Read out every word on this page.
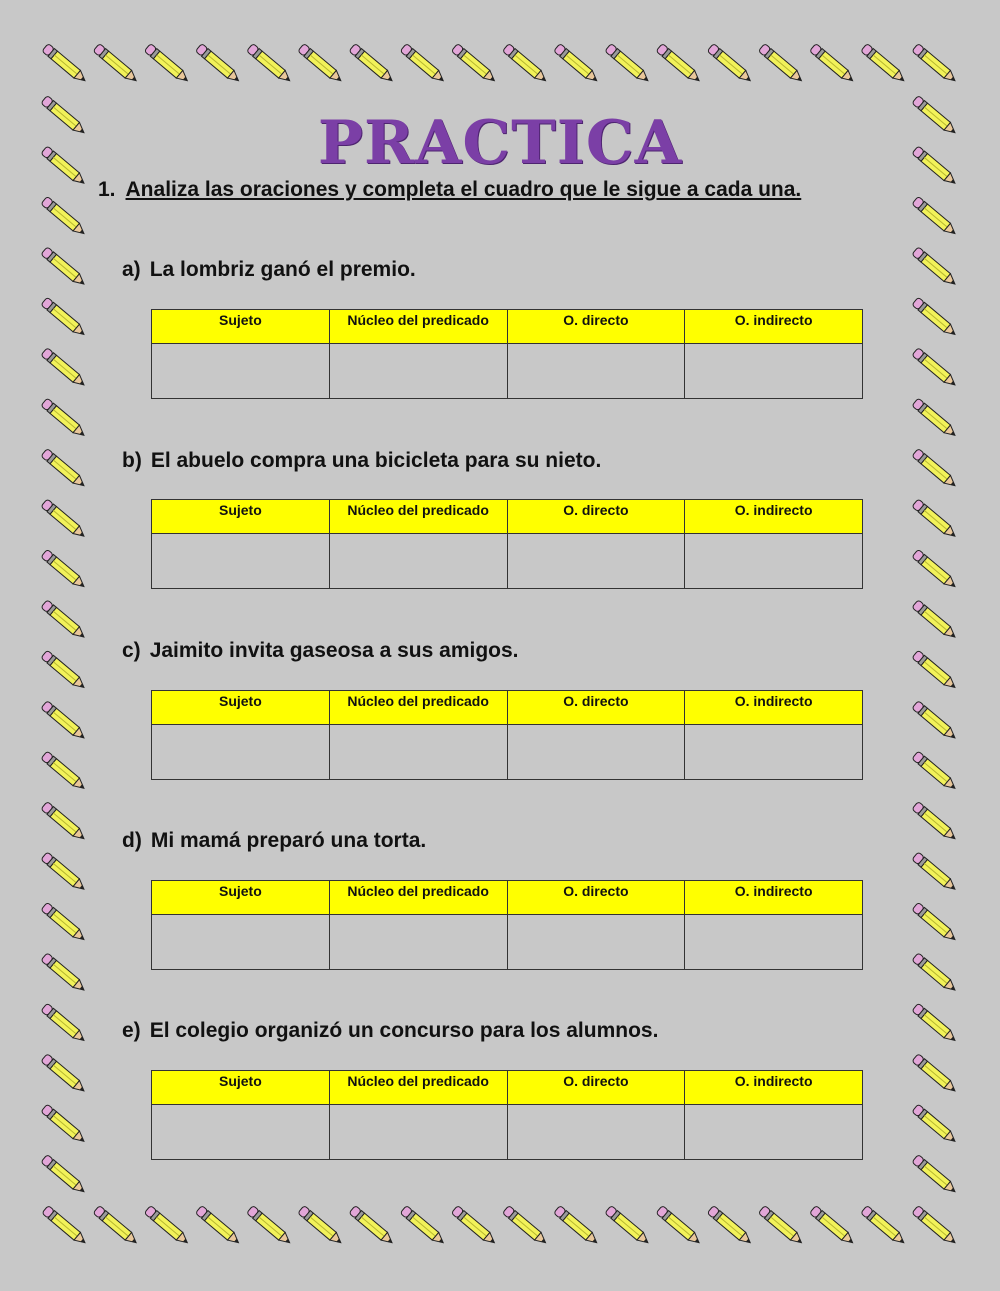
PRACTICA
1. Analiza las oraciones y completa el cuadro que le sigue a cada una.
a) La lombriz ganó el premio.
Sujeto	Núcleo del predicado	O. directo	O. indirecto

b) El abuelo compra una bicicleta para su nieto.
Sujeto	Núcleo del predicado	O. directo	O. indirecto

c) Jaimito invita gaseosa a sus amigos.
Sujeto	Núcleo del predicado	O. directo	O. indirecto

d) Mi mamá preparó una torta.
Sujeto	Núcleo del predicado	O. directo	O. indirecto

e) El colegio organizó un concurso para los alumnos.
Sujeto	Núcleo del predicado	O. directo	O. indirecto
